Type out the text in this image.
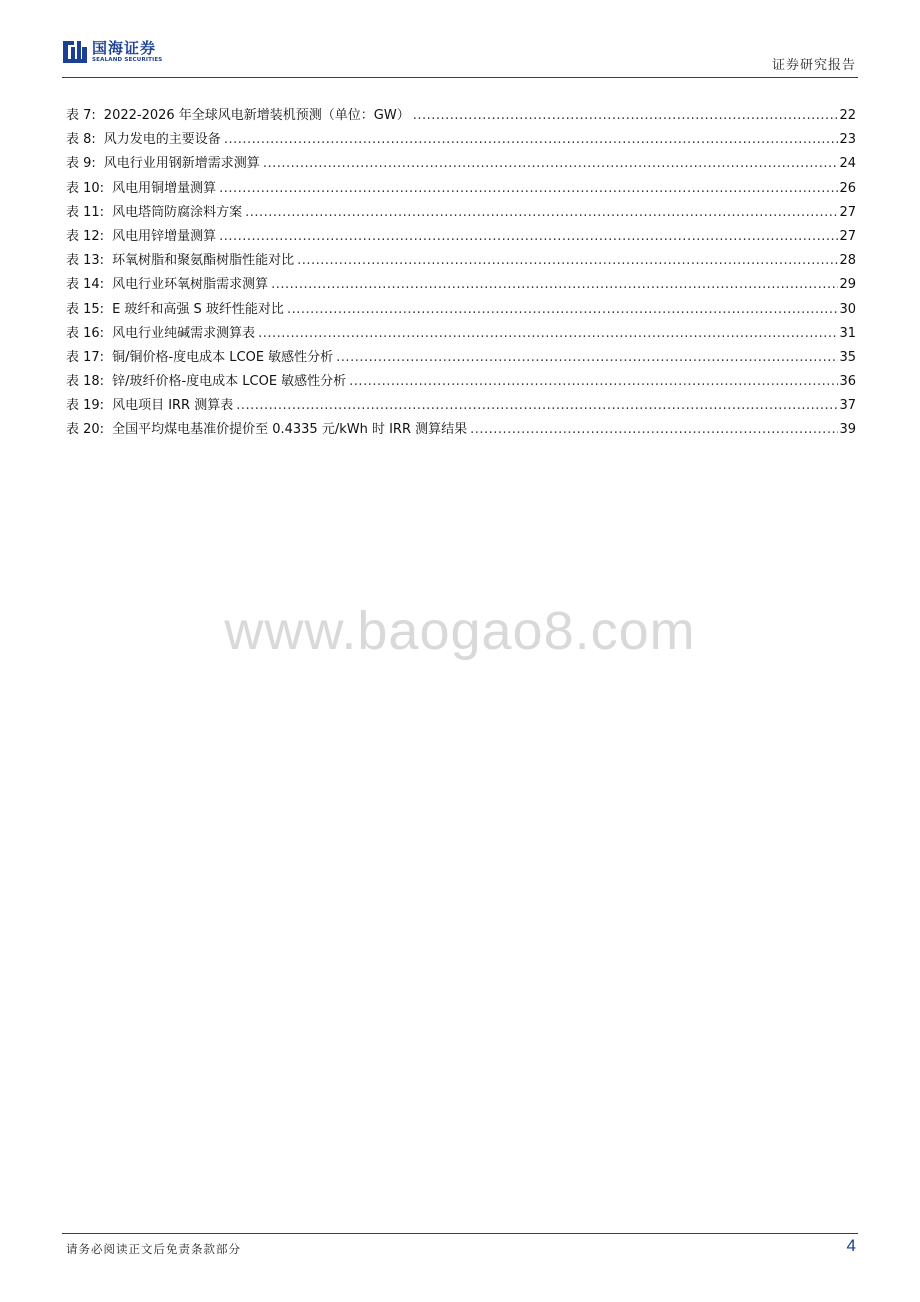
国海证券
SEALAND SECURITIES	证券研究报告
表 7: 2022-2026 年全球风电新增装机预测（单位：GW） .....	22
表 8: 风力发电的主要设备 .....	23
表 9: 风电行业用钢新增需求测算 .....	24
表 10: 风电用铜增量测算 .....	26
表 11: 风电塔筒防腐涂料方案 .....	27
表 12: 风电用锌增量测算 .....	27
表 13: 环氧树脂和聚氨酯树脂性能对比 .....	28
表 14: 风电行业环氧树脂需求测算 .....	29
表 15: E 玻纤和高强 S 玻纤性能对比 .....	30
表 16: 风电行业纯碱需求测算表 .....	31
表 17: 铜/铜价格-度电成本 LCOE 敏感性分析 .....	35
表 18: 锌/玻纤价格-度电成本 LCOE 敏感性分析 .....	36
表 19: 风电项目 IRR 测算表 .....	37
表 20: 全国平均煤电基准价提价至 0.4335 元/kWh 时 IRR 测算结果 .....	39
www.baogao8.com
请务必阅读正文后免责条款部分	4
